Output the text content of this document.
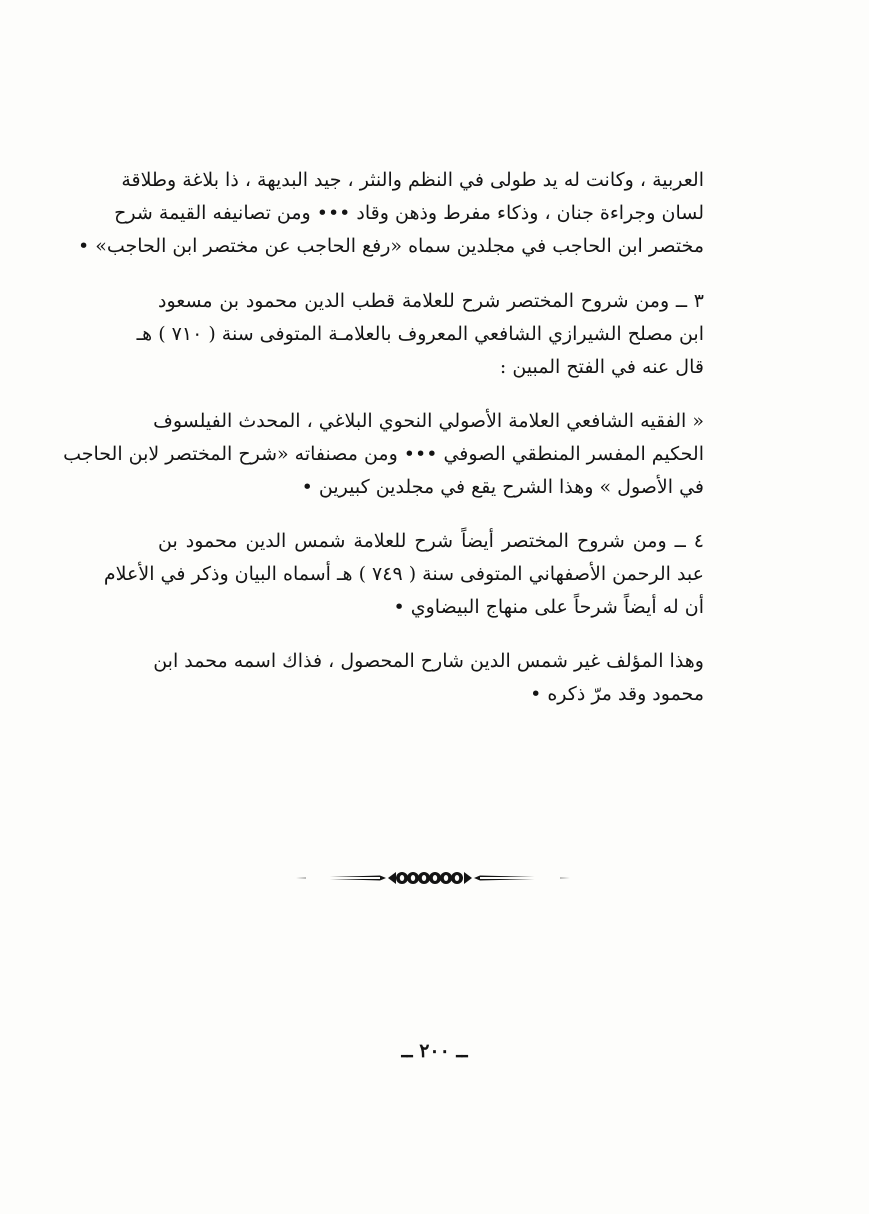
العربية ، وكانت له يد طولى في النظم والنثر ، جيد البديهة ، ذا بلاغة وطلاقة
لسان وجراءة جنان ، وذكاء مفرط وذهن وقاد ••• ومن تصانيفه القيمة شرح
مختصر ابن الحاجب في مجلدين سماه «رفع الحاجب عن مختصر ابن الحاجب» •
٣ ــ ومن شروح المختصر شرح للعلامة قطب الدين محمود بن مسعود
ابن مصلح الشيرازي الشافعي المعروف بالعلامـة المتوفى سنة ( ٧١٠ ) هـ
قال عنه في الفتح المبين :
« الفقيه الشافعي العلامة الأصولي النحوي البلاغي ، المحدث الفيلسوف
الحكيم المفسر المنطقي الصوفي ••• ومن مصنفاته «شرح المختصر لابن الحاجب
في الأصول » وهذا الشرح يقع في مجلدين كبيرين •
٤ ــ ومن شروح المختصر أيضاً شرح للعلامة شمس الدين محمود بن
عبد الرحمن الأصفهاني المتوفى سنة ( ٧٤٩ ) هـ أسماه البيان وذكر في الأعلام
أن له أيضاً شرحاً على منهاج البيضاوي •
وهذا المؤلف غير شمس الدين شارح المحصول ، فذاك اسمه محمد ابن
محمود وقد مرّ ذكره •
ــ ٢٠٠ ــ
